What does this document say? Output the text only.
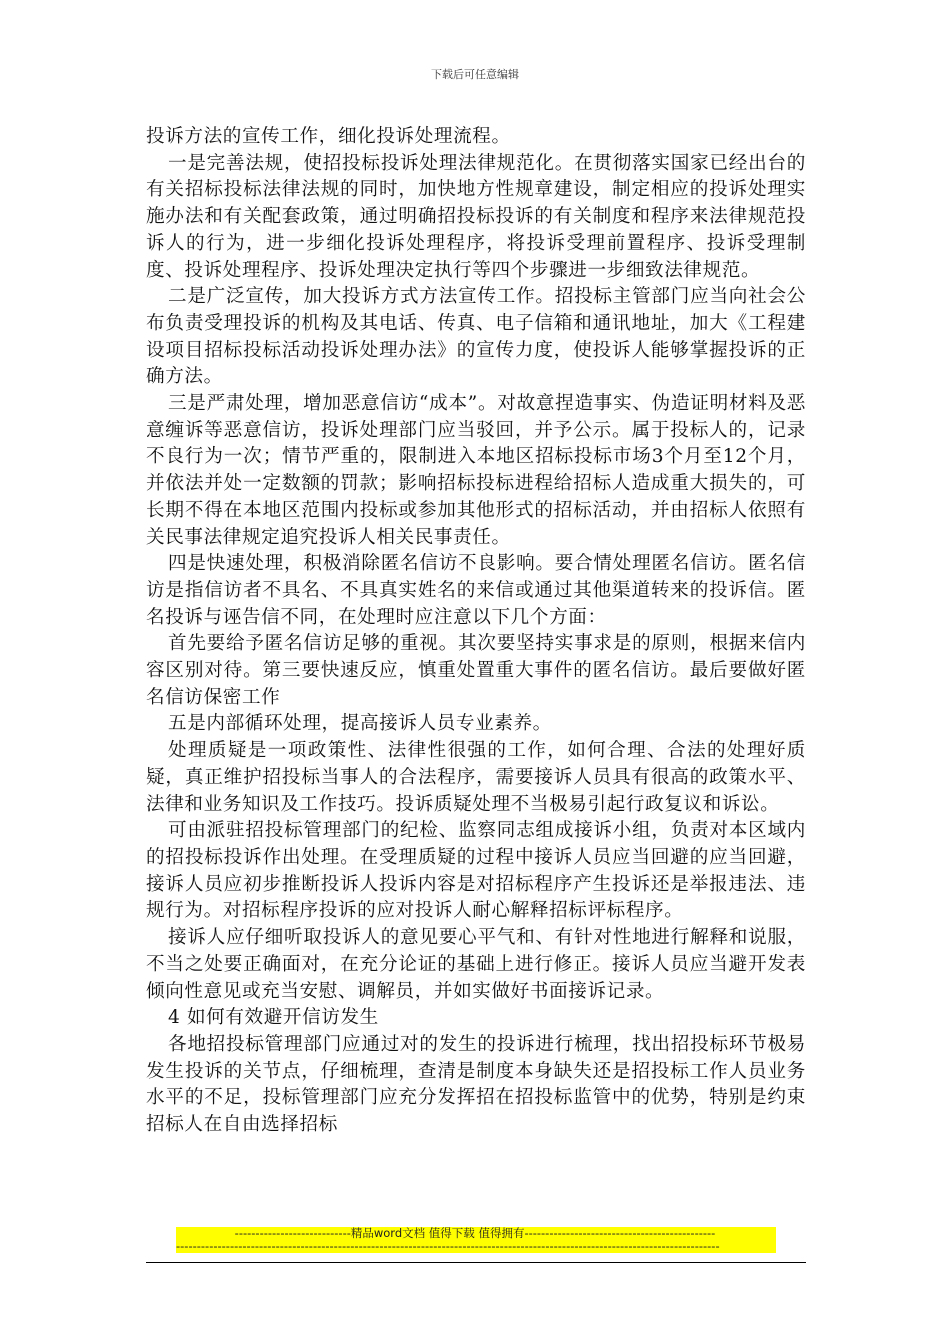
下载后可任意编辑

投诉方法的宣传工作，细化投诉处理流程。

一是完善法规，使招投标投诉处理法律规范化。在贯彻落实国家已经出台的有关招标投标法律法规的同时，加快地方性规章建设，制定相应的投诉处理实施办法和有关配套政策，通过明确招投标投诉的有关制度和程序来法律规范投诉人的行为，进一步细化投诉处理程序，将投诉受理前置程序、投诉受理制度、投诉处理程序、投诉处理决定执行等四个步骤进一步细致法律规范。

二是广泛宣传，加大投诉方式方法宣传工作。招投标主管部门应当向社会公布负责受理投诉的机构及其电话、传真、电子信箱和通讯地址，加大《工程建设项目招标投标活动投诉处理办法》的宣传力度，使投诉人能够掌握投诉的正确方法。

三是严肃处理，增加恶意信访“成本”。对故意捏造事实、伪造证明材料及恶意缠诉等恶意信访，投诉处理部门应当驳回，并予公示。属于投标人的，记录不良行为一次；情节严重的，限制进入本地区招标投标市场3个月至12个月，并依法并处一定数额的罚款；影响招标投标进程给招标人造成重大损失的，可长期不得在本地区范围内投标或参加其他形式的招标活动，并由招标人依照有关民事法律规定追究投诉人相关民事责任。

四是快速处理，积极消除匿名信访不良影响。要合情处理匿名信访。匿名信访是指信访者不具名、不具真实姓名的来信或通过其他渠道转来的投诉信。匿名投诉与诬告信不同，在处理时应注意以下几个方面：

首先要给予匿名信访足够的重视。其次要坚持实事求是的原则，根据来信内容区别对待。第三要快速反应，慎重处置重大事件的匿名信访。最后要做好匿名信访保密工作

五是内部循环处理，提高接诉人员专业素养。

处理质疑是一项政策性、法律性很强的工作，如何合理、合法的处理好质疑，真正维护招投标当事人的合法程序，需要接诉人员具有很高的政策水平、法律和业务知识及工作技巧。投诉质疑处理不当极易引起行政复议和诉讼。

可由派驻招投标管理部门的纪检、监察同志组成接诉小组，负责对本区域内的招投标投诉作出处理。在受理质疑的过程中接诉人员应当回避的应当回避，接诉人员应初步推断投诉人投诉内容是对招标程序产生投诉还是举报违法、违规行为。对招标程序投诉的应对投诉人耐心解释招标评标程序。

接诉人应仔细听取投诉人的意见要心平气和、有针对性地进行解释和说服，不当之处要正确面对，在充分论证的基础上进行修正。接诉人员应当避开发表倾向性意见或充当安慰、调解员，并如实做好书面接诉记录。

4 如何有效避开信访发生

各地招投标管理部门应通过对的发生的投诉进行梳理，找出招投标环节极易发生投诉的关节点，仔细梳理，查清是制度本身缺失还是招投标工作人员业务水平的不足，投标管理部门应充分发挥招在招投标监管中的优势，特别是约束招标人在自由选择招标

----------------------------精品word文档 值得下载 值得拥有----------------------------------------------
-----------------------------------------------------------------------------------------------------------------------------------
